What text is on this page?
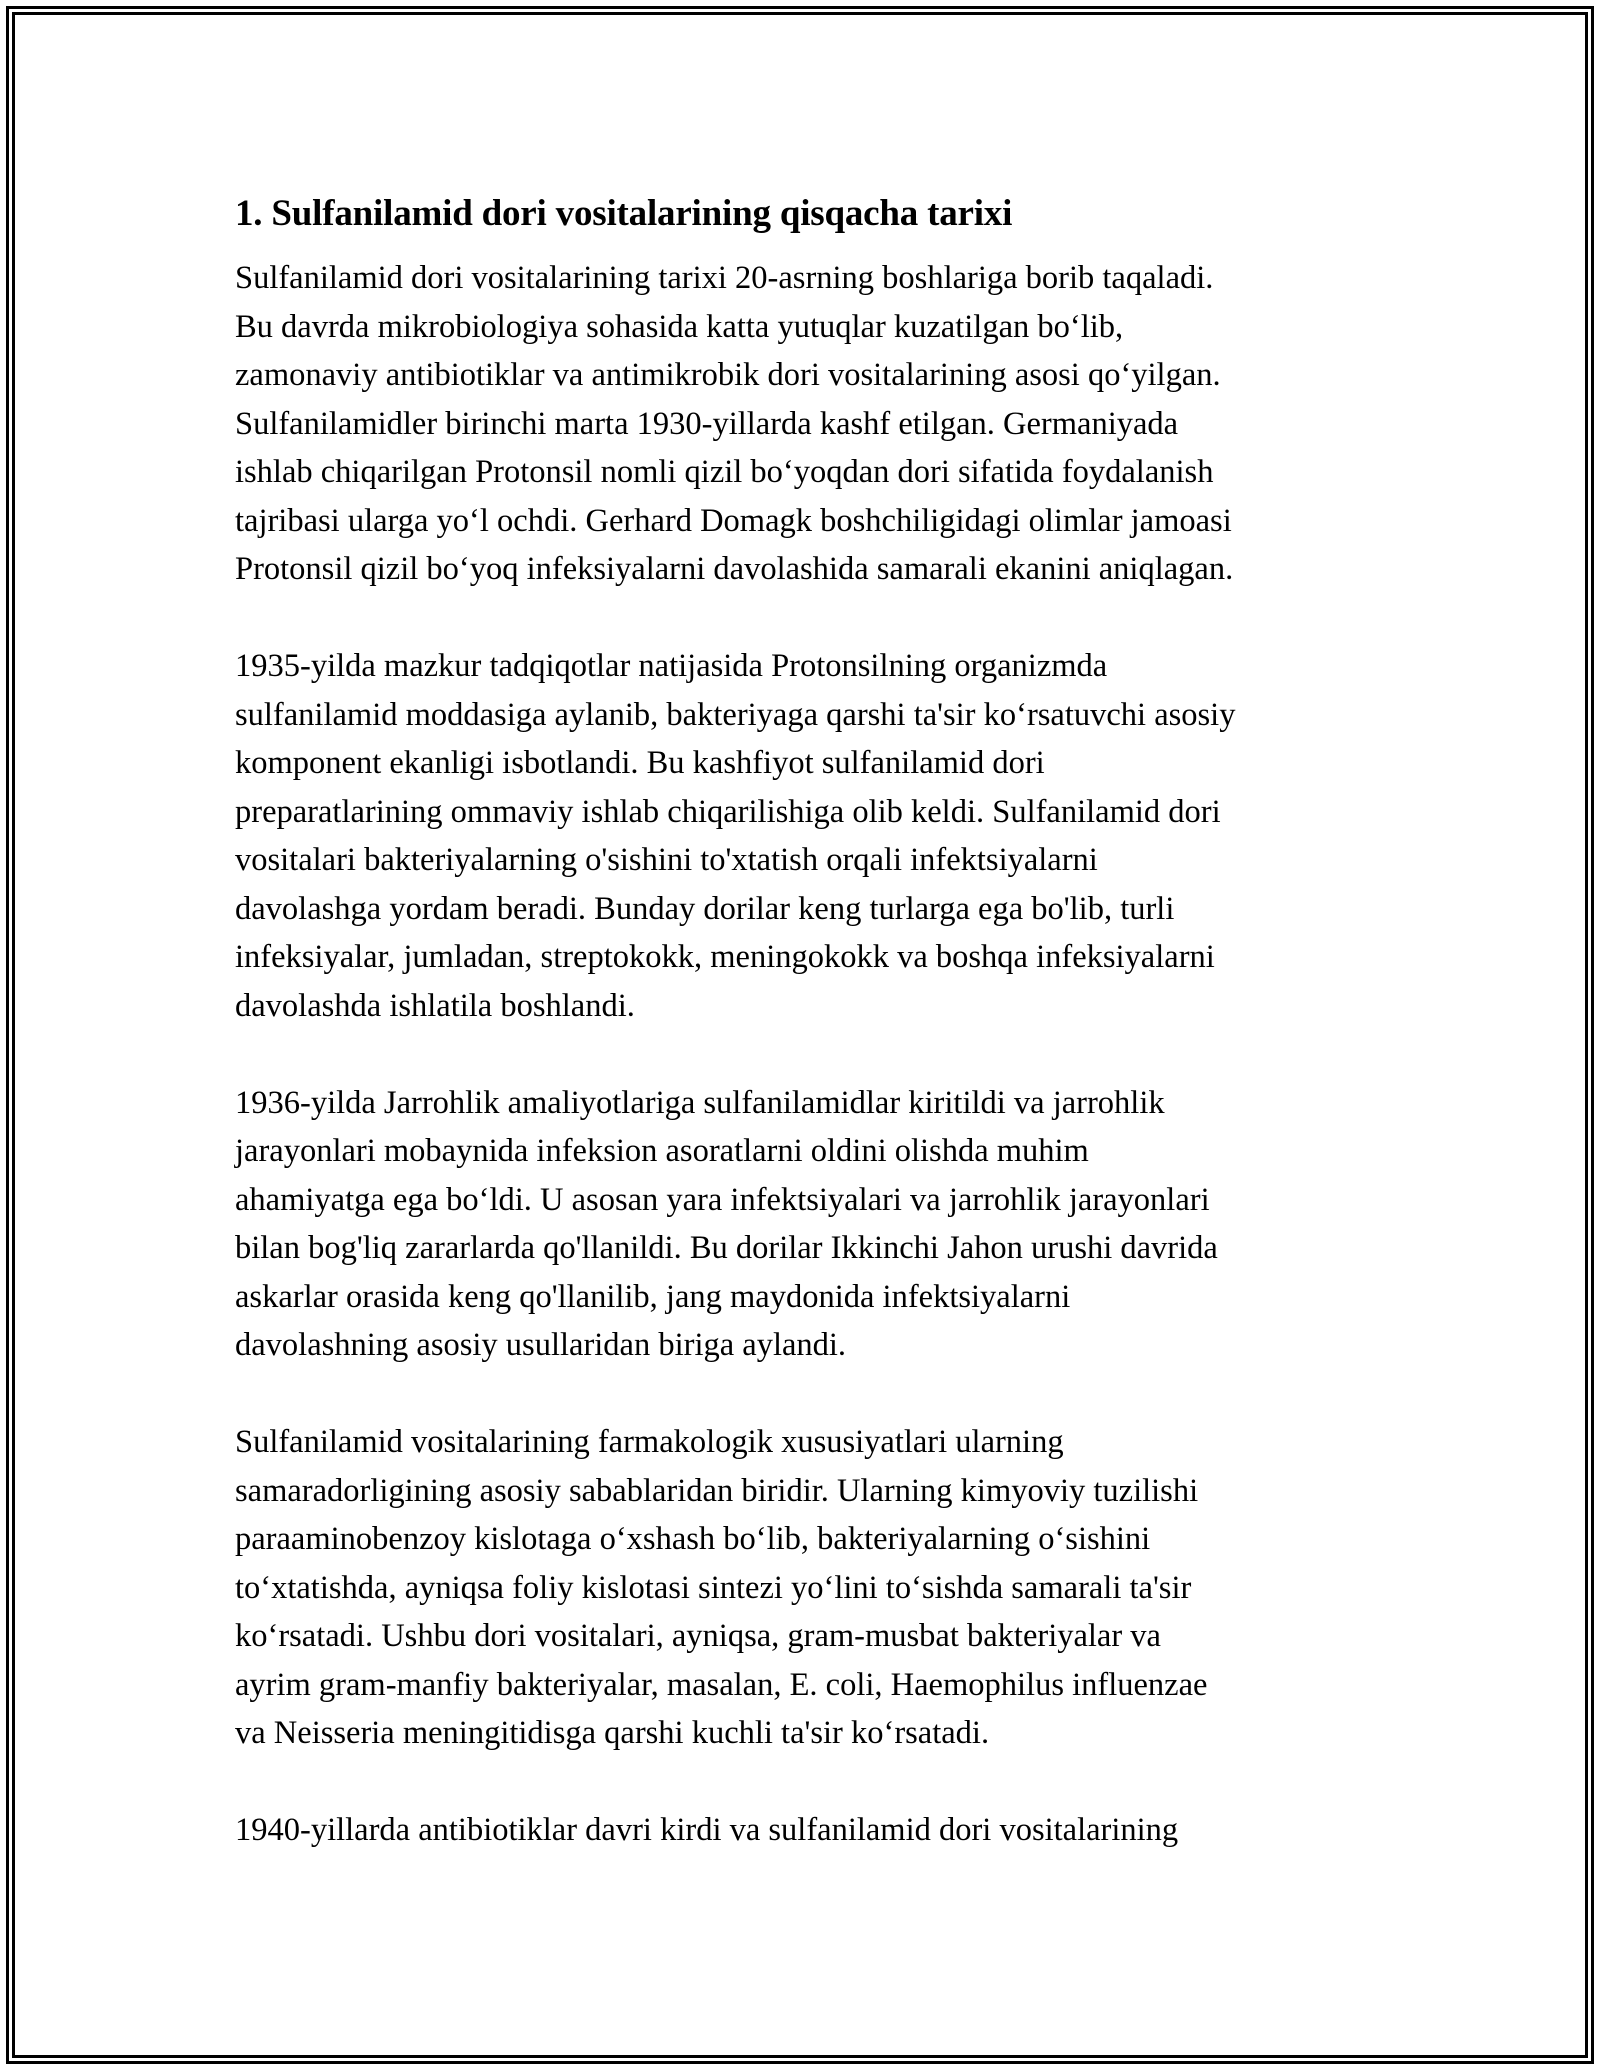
1. Sulfanilamid dori vositalarining qisqacha tarixi

Sulfanilamid dori vositalarining tarixi 20-asrning boshlariga borib taqaladi.
Bu davrda mikrobiologiya sohasida katta yutuqlar kuzatilgan bo‘lib,
zamonaviy antibiotiklar va antimikrobik dori vositalarining asosi qo‘yilgan.
Sulfanilamidler birinchi marta 1930-yillarda kashf etilgan. Germaniyada
ishlab chiqarilgan Protonsil nomli qizil bo‘yoqdan dori sifatida foydalanish
tajribasi ularga yo‘l ochdi. Gerhard Domagk boshchiligidagi olimlar jamoasi
Protonsil qizil bo‘yoq infeksiyalarni davolashida samarali ekanini aniqlagan.

1935-yilda mazkur tadqiqotlar natijasida Protonsilning organizmda
sulfanilamid moddasiga aylanib, bakteriyaga qarshi ta'sir ko‘rsatuvchi asosiy
komponent ekanligi isbotlandi. Bu kashfiyot sulfanilamid dori
preparatlarining ommaviy ishlab chiqarilishiga olib keldi. Sulfanilamid dori
vositalari bakteriyalarning o'sishini to'xtatish orqali infektsiyalarni
davolashga yordam beradi. Bunday dorilar keng turlarga ega bo'lib, turli
infeksiyalar, jumladan, streptokokk, meningokokk va boshqa infeksiyalarni
davolashda ishlatila boshlandi.

1936-yilda Jarrohlik amaliyotlariga sulfanilamidlar kiritildi va jarrohlik
jarayonlari mobaynida infeksion asoratlarni oldini olishda muhim
ahamiyatga ega bo‘ldi. U asosan yara infektsiyalari va jarrohlik jarayonlari
bilan bog'liq zararlarda qo'llanildi. Bu dorilar Ikkinchi Jahon urushi davrida
askarlar orasida keng qo'llanilib, jang maydonida infektsiyalarni
davolashning asosiy usullaridan biriga aylandi.

Sulfanilamid vositalarining farmakologik xususiyatlari ularning
samaradorligining asosiy sabablaridan biridir. Ularning kimyoviy tuzilishi
paraaminobenzoy kislotaga o‘xshash bo‘lib, bakteriyalarning o‘sishini
to‘xtatishda, ayniqsa foliy kislotasi sintezi yo‘lini to‘sishda samarali ta'sir
ko‘rsatadi. Ushbu dori vositalari, ayniqsa, gram-musbat bakteriyalar va
ayrim gram-manfiy bakteriyalar, masalan, E. coli, Haemophilus influenzae
va Neisseria meningitidisga qarshi kuchli ta'sir ko‘rsatadi.

1940-yillarda antibiotiklar davri kirdi va sulfanilamid dori vositalarining
